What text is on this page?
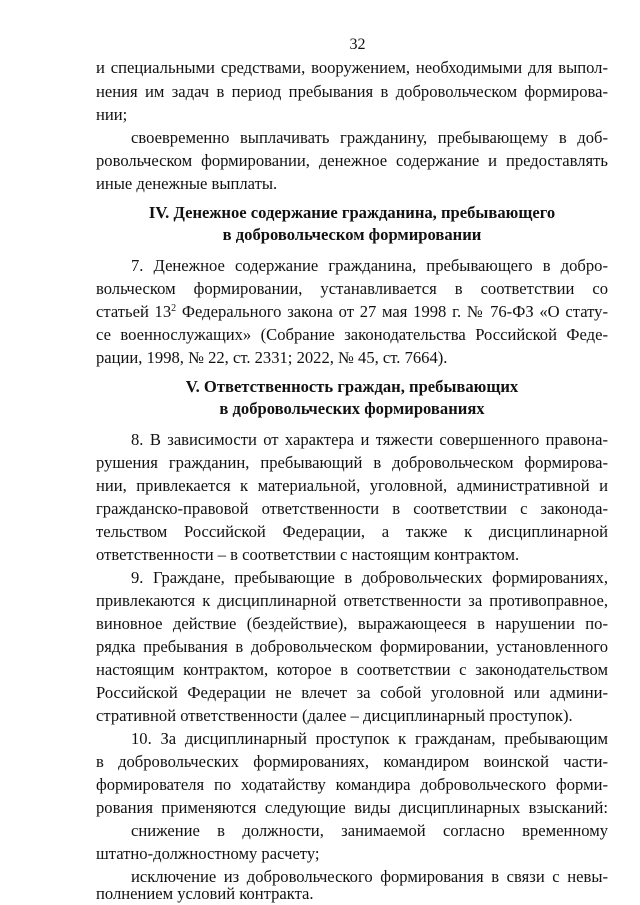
32
и специальными средствами, вооружением, необходимыми для выпол-
нения им задач в период пребывания в добровольческом формирова-
нии;
своевременно выплачивать гражданину, пребывающему в доб-
ровольческом формировании, денежное содержание и предоставлять
иные денежные выплаты.
IV. Денежное содержание гражданина, пребывающего
в добровольческом формировании
7. Денежное содержание гражданина, пребывающего в добро-
вольческом формировании, устанавливается в соответствии со
статьей $13^2$ Федерального закона от 27 мая 1998 г. № 76-ФЗ «О стату-
се военнослужащих» (Собрание законодательства Российской Феде-
рации, 1998, № 22, ст. 2331; 2022, № 45, ст. 7664).
V. Ответственность граждан, пребывающих
в добровольческих формированиях
8. В зависимости от характера и тяжести совершенного правона-
рушения гражданин, пребывающий в добровольческом формирова-
нии, привлекается к материальной, уголовной, административной и
гражданско-правовой ответственности в соответствии с законода-
тельством Российской Федерации, а также к дисциплинарной
ответственности – в соответствии с настоящим контрактом.
9. Граждане, пребывающие в добровольческих формированиях,
привлекаются к дисциплинарной ответственности за противоправное,
виновное действие (бездействие), выражающееся в нарушении по-
рядка пребывания в добровольческом формировании, установленного
настоящим контрактом, которое в соответствии с законодательством
Российской Федерации не влечет за собой уголовной или админи-
стративной ответственности (далее – дисциплинарный проступок).
10. За дисциплинарный проступок к гражданам, пребывающим
в добровольческих формированиях, командиром воинской части-
формирователя по ходатайству командира добровольческого форми-
рования применяются следующие виды дисциплинарных взысканий:
снижение в должности, занимаемой согласно временному
штатно-должностному расчету;
исключение из добровольческого формирования в связи с невы-
полнением условий контракта.
